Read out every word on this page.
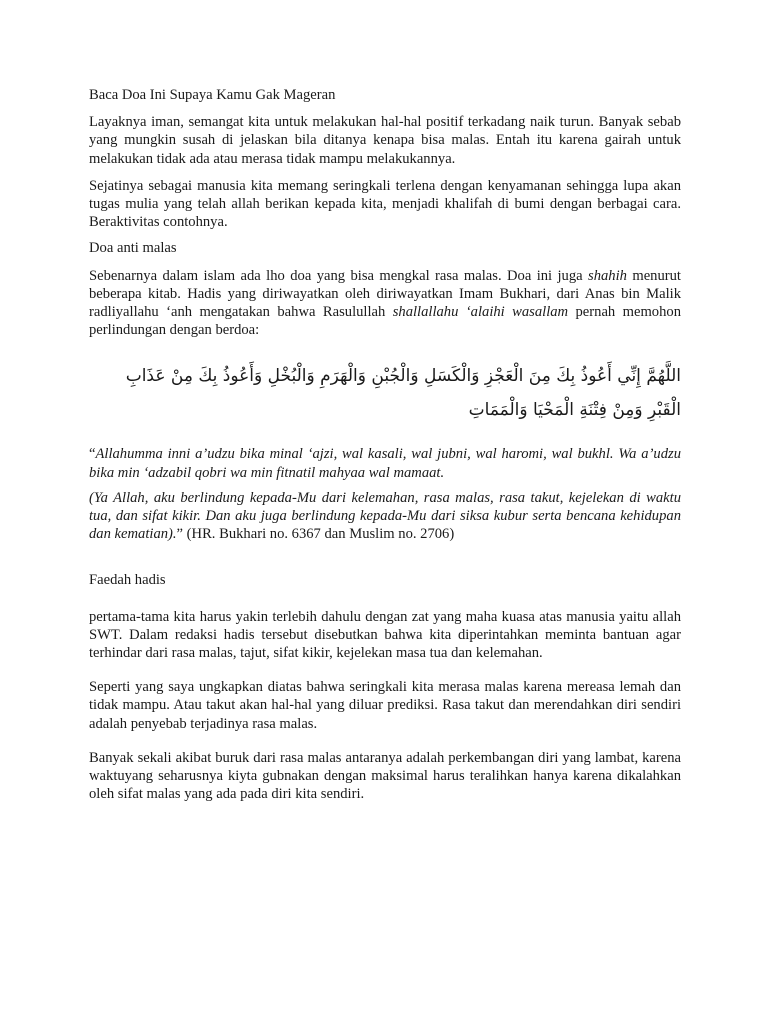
Baca Doa Ini Supaya Kamu Gak Mageran

Layaknya iman, semangat kita untuk melakukan hal-hal positif terkadang naik turun. Banyak sebab yang mungkin susah di jelaskan bila ditanya kenapa bisa malas. Entah itu karena gairah untuk melakukan tidak ada atau merasa tidak mampu melakukannya.

Sejatinya sebagai manusia kita memang seringkali terlena dengan kenyamanan sehingga lupa akan tugas mulia yang telah allah berikan kepada kita, menjadi khalifah di bumi dengan berbagai cara. Beraktivitas contohnya.

Doa anti malas

Sebenarnya dalam islam ada lho doa yang bisa mengkal rasa malas. Doa ini juga shahih menurut beberapa kitab. Hadis yang diriwayatkan oleh diriwayatkan Imam Bukhari, dari Anas bin Malik radliyallahu ‘anh mengatakan bahwa Rasulullah shallallahu ‘alaihi wasallam pernah memohon perlindungan dengan berdoa:

اللَّهُمَّ إِنِّي أَعُوذُ بِكَ مِنَ الْعَجْزِ وَالْكَسَلِ وَالْجُبْنِ وَالْهَرَمِ وَالْبُخْلِ وَأَعُوذُ بِكَ مِنْ عَذَابِ الْقَبْرِ وَمِنْ فِتْنَةِ الْمَحْيَا وَالْمَمَاتِ

“Allahumma inni a’udzu bika minal ‘ajzi, wal kasali, wal jubni, wal haromi, wal bukhl. Wa a’udzu bika min ‘adzabil qobri wa min fitnatil mahyaa wal mamaat.

(Ya Allah, aku berlindung kepada-Mu dari kelemahan, rasa malas, rasa takut, kejelekan di waktu tua, dan sifat kikir. Dan aku juga berlindung kepada-Mu dari siksa kubur serta bencana kehidupan dan kematian).” (HR. Bukhari no. 6367 dan Muslim no. 2706)

Faedah hadis

pertama-tama kita harus yakin terlebih dahulu dengan zat yang maha kuasa atas manusia yaitu allah SWT. Dalam redaksi hadis tersebut disebutkan bahwa kita diperintahkan meminta bantuan agar terhindar dari rasa malas, tajut, sifat kikir, kejelekan masa tua dan kelemahan.

Seperti yang saya ungkapkan diatas bahwa seringkali kita merasa malas karena mereasa lemah dan tidak mampu. Atau takut akan hal-hal yang diluar prediksi. Rasa takut dan merendahkan diri sendiri adalah penyebab terjadinya rasa malas.

Banyak sekali akibat buruk dari rasa malas antaranya adalah perkembangan diri yang lambat, karena waktuyang seharusnya kiyta gubnakan dengan maksimal harus teralihkan hanya karena dikalahkan oleh sifat malas yang ada pada diri kita sendiri.
